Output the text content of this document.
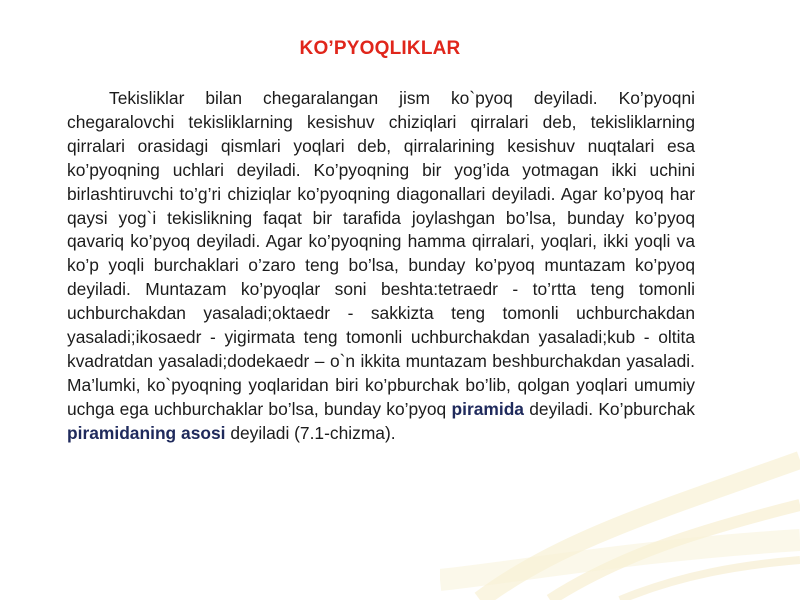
KO’PYOQLIKLAR

Tekisliklar bilan chegaralangan jism ko`pyoq deyiladi. Ko’pyoqni chegaralovchi tekisliklarning kesishuv chiziqlari qirralari deb, tekisliklarning qirralari orasidagi qismlari yoqlari deb, qirralarining kesishuv nuqtalari esa ko’pyoqning uchlari deyiladi. Ko’pyoqning bir yog’ida yotmagan ikki uchini birlashtiruvchi to’g’ri chiziqlar ko’pyoqning diagonallari deyiladi. Agar ko’pyoq har qaysi yog`i tekislikning faqat bir tarafida joylashgan bo’lsa, bunday ko’pyoq qavariq ko’pyoq deyiladi. Agar ko’pyoqning hamma qirralari, yoqlari, ikki yoqli va ko’p yoqli burchaklari o’zaro teng bo’lsa, bunday ko’pyoq muntazam ko’pyoq deyiladi. Muntazam ko’pyoqlar soni beshta:tetraedr - to’rtta teng tomonli uchburchakdan yasaladi;oktaedr - sakkizta teng tomonli uchburchakdan yasaladi;ikosaedr - yigirmata teng tomonli uchburchakdan yasaladi;kub - oltita kvadratdan yasaladi;dodekaedr – o`n ikkita muntazam beshburchakdan yasaladi. Ma’lumki, ko`pyoqning yoqlaridan biri ko’pburchak bo’lib, qolgan yoqlari umumiy uchga ega uchburchaklar bo’lsa, bunday ko’pyoq piramida deyiladi. Ko’pburchak piramidaning asosi deyiladi (7.1-chizma).
